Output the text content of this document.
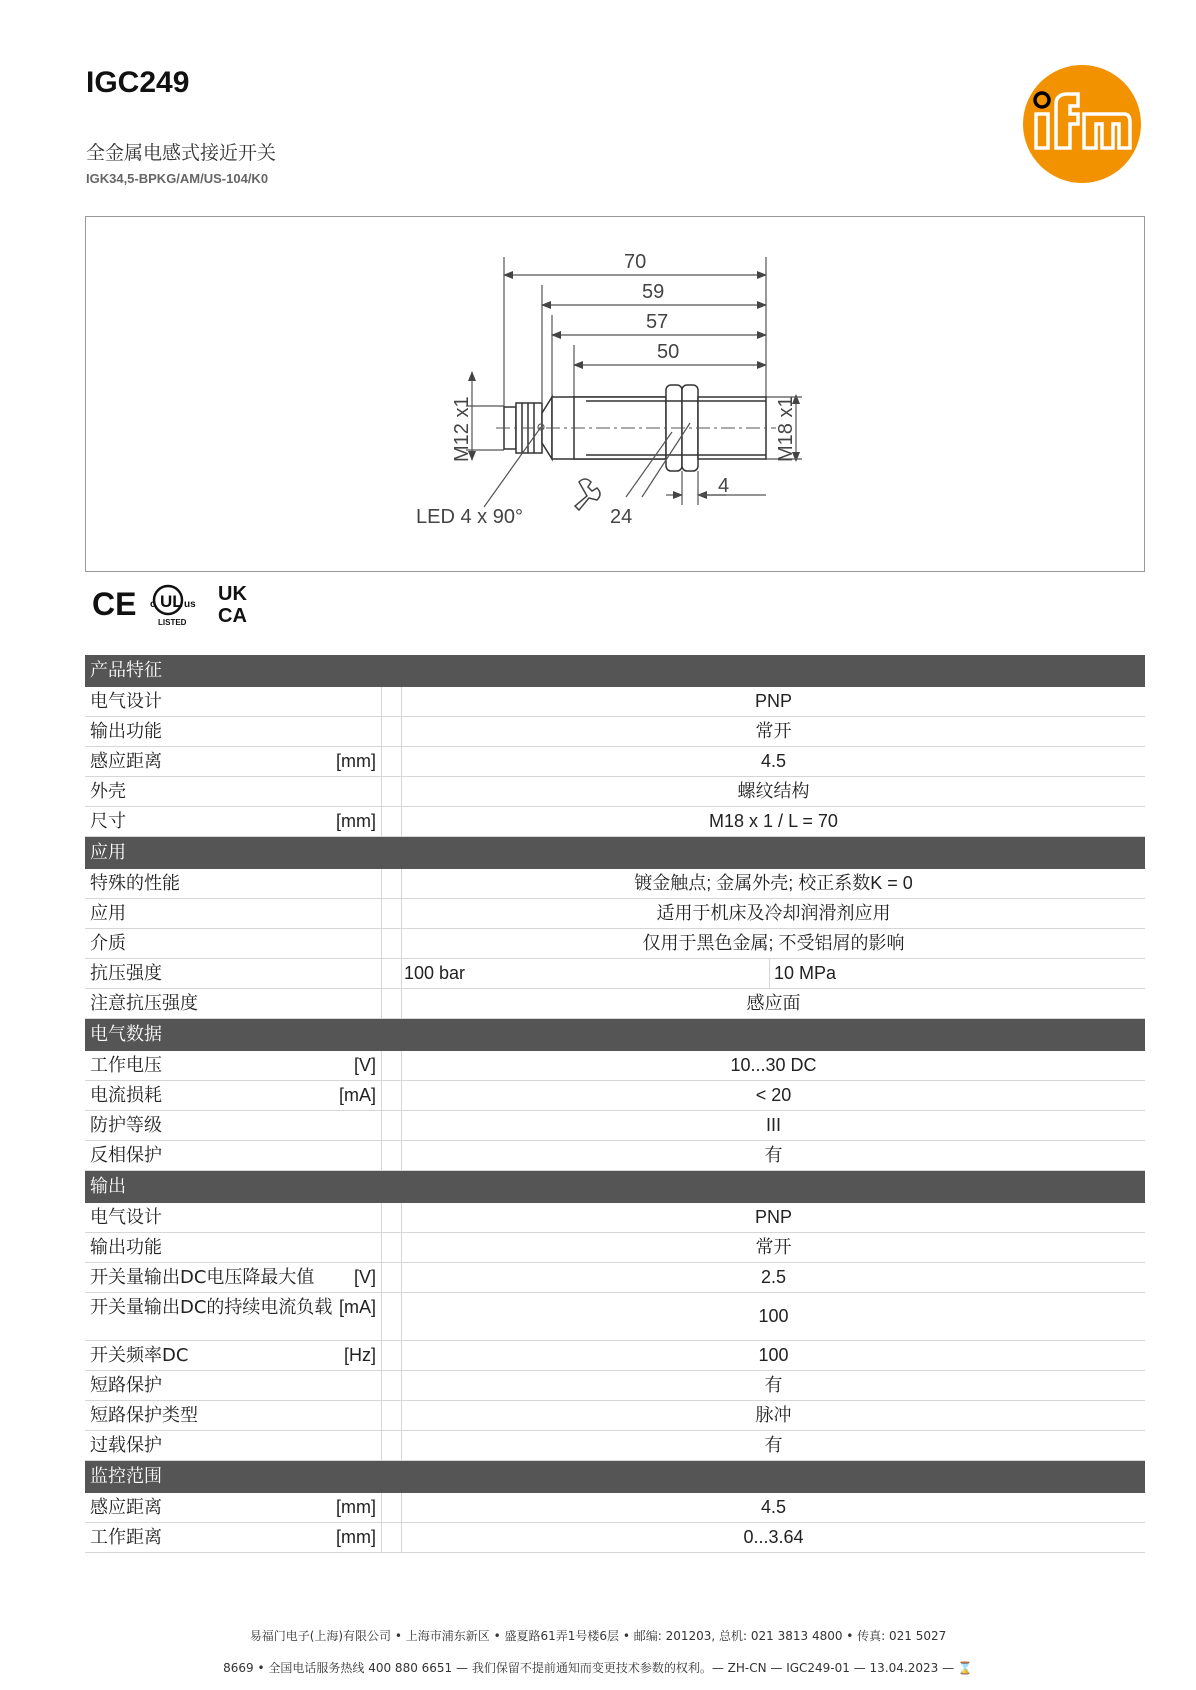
IGC249
全金属电感式接近开关
IGK34,5-BPKG/AM/US-104/K0
70
59
57
50
M12 x1	M18 x1
4
24
LED 4 x 90°
CE UL
c	us
LISTED
UK
CA
产品特征
电气设计	PNP
输出功能	常开
感应距离	[mm]	4.5
外壳	螺纹结构
尺寸	[mm]	M18 x 1 / L = 70
应用
特殊的性能	镀金触点; 金属外壳; 校正系数K = 0
应用	适用于机床及冷却润滑剂应用
介质	仅用于黑色金属; 不受铝屑的影响
抗压强度	100 bar	10 MPa
注意抗压强度	感应面
电气数据
工作电压	[V]	10...30 DC
电流损耗	[mA]	< 20
防护等级	III
反相保护	有
输出
电气设计	PNP
输出功能	常开
开关量输出DC电压降最大值 [V]	2.5
开关量输出DC的持续电流负载 [mA]	100
开关频率DC	[Hz]	100
短路保护	有
短路保护类型	脉冲
过载保护	有
监控范围
感应距离	[mm]	4.5
工作距离	[mm]	0...3.64
易福门电子(上海)有限公司 • 上海市浦东新区 • 盛夏路61弄1号楼6层 • 邮编: 201203, 总机: 021 3813 4800 • 传真: 021 5027
8669 • 全国电话服务热线 400 880 6651 — 我们保留不提前通知而变更技术参数的权利。— ZH-CN — IGC249-01 — 13.04.2023 — ⌛
